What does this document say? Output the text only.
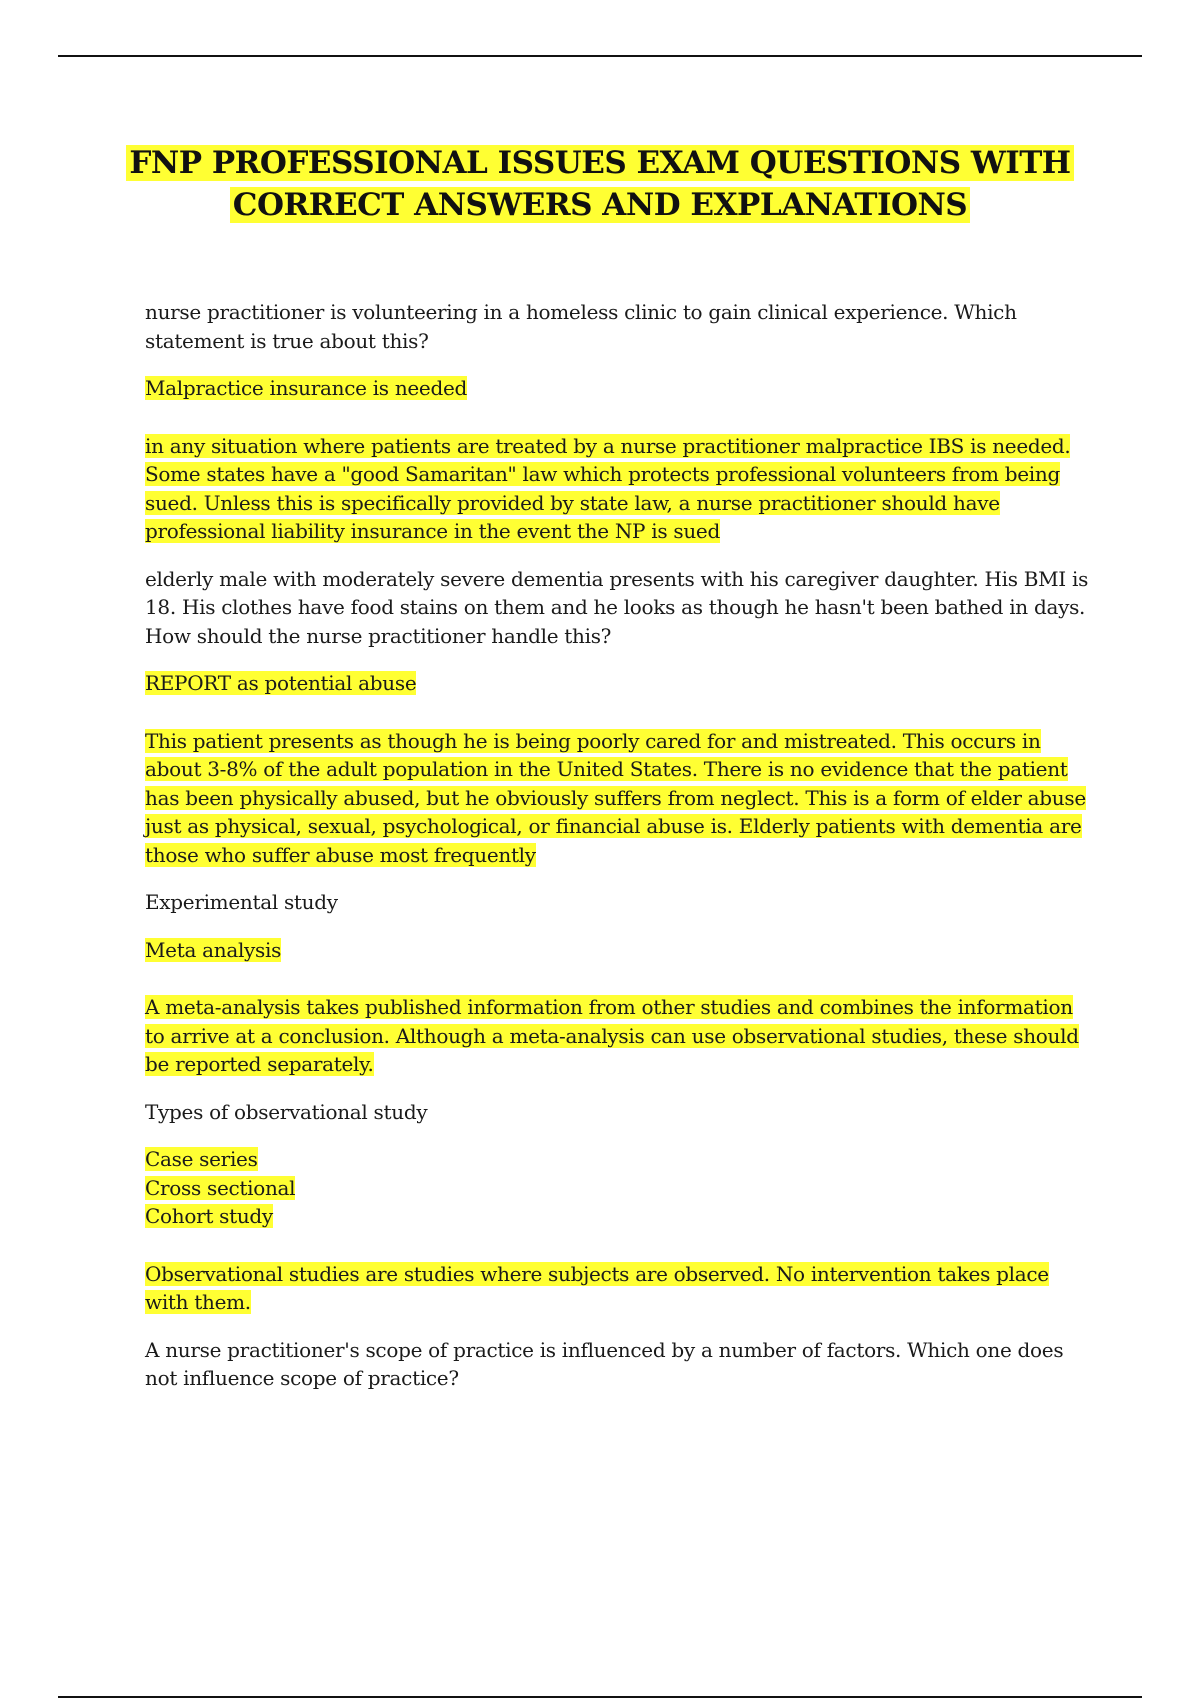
FNP PROFESSIONAL ISSUES EXAM QUESTIONS WITH
CORRECT ANSWERS AND EXPLANATIONS

nurse practitioner is volunteering in a homeless clinic to gain clinical experience. Which statement is true about this?

Malpractice insurance is needed

in any situation where patients are treated by a nurse practitioner malpractice IBS is needed. Some states have a "good Samaritan" law which protects professional volunteers from being sued. Unless this is specifically provided by state law, a nurse practitioner should have professional liability insurance in the event the NP is sued

elderly male with moderately severe dementia presents with his caregiver daughter. His BMI is 18. His clothes have food stains on them and he looks as though he hasn't been bathed in days. How should the nurse practitioner handle this?

REPORT as potential abuse

This patient presents as though he is being poorly cared for and mistreated. This occurs in about 3-8% of the adult population in the United States. There is no evidence that the patient has been physically abused, but he obviously suffers from neglect. This is a form of elder abuse just as physical, sexual, psychological, or financial abuse is. Elderly patients with dementia are those who suffer abuse most frequently

Experimental study

Meta analysis

A meta-analysis takes published information from other studies and combines the information to arrive at a conclusion. Although a meta-analysis can use observational studies, these should be reported separately.

Types of observational study

Case series
Cross sectional
Cohort study

Observational studies are studies where subjects are observed. No intervention takes place with them.

A nurse practitioner's scope of practice is influenced by a number of factors. Which one does not influence scope of practice?
